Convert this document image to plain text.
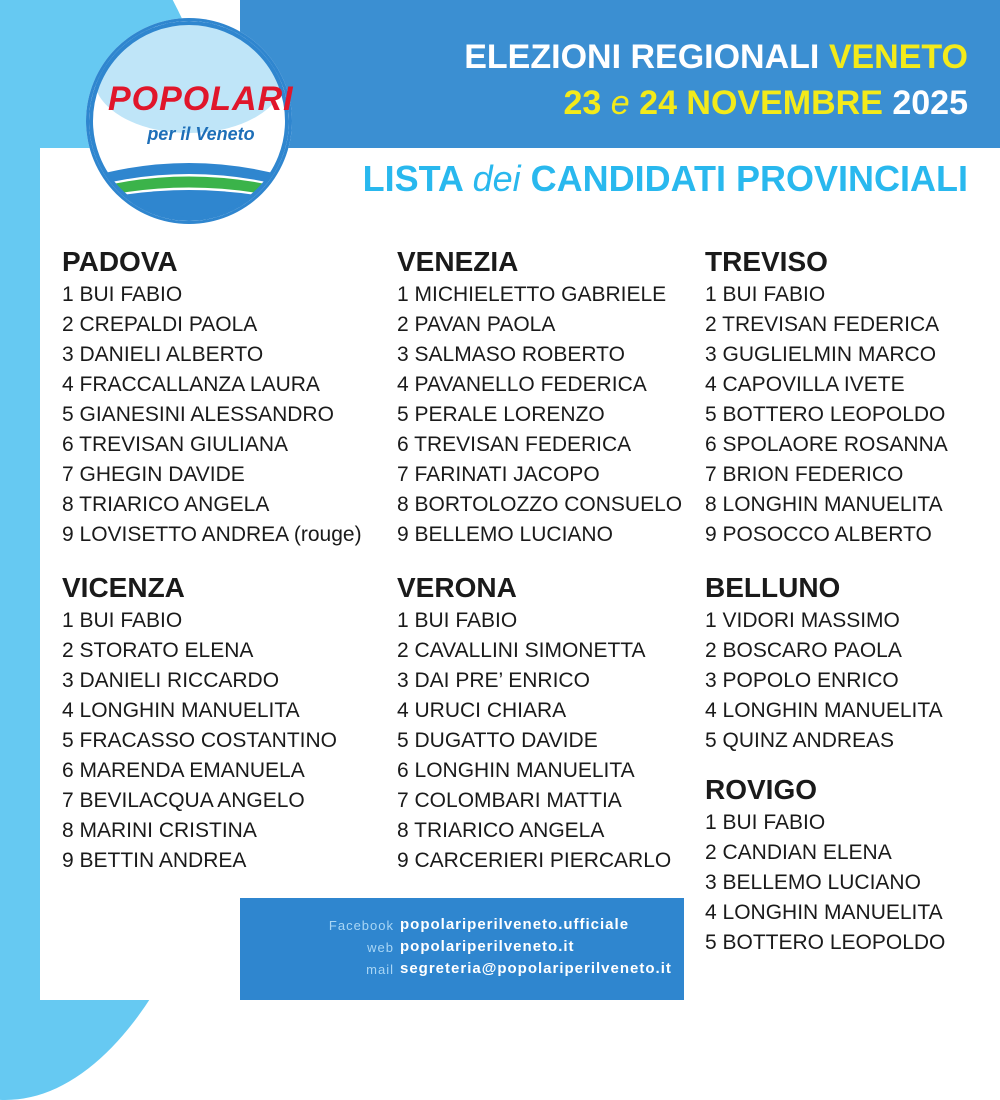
POPOLARI
per il Veneto
ELEZIONI REGIONALI VENETO
23 e 24 NOVEMBRE 2025
LISTA dei CANDIDATI PROVINCIALI
PADOVA
1 BUI FABIO
2 CREPALDI PAOLA
3 DANIELI ALBERTO
4 FRACCALLANZA LAURA
5 GIANESINI ALESSANDRO
6 TREVISAN GIULIANA
7 GHEGIN DAVIDE
8 TRIARICO ANGELA
9 LOVISETTO ANDREA (rouge)
VENEZIA
1 MICHIELETTO GABRIELE
2 PAVAN PAOLA
3 SALMASO ROBERTO
4 PAVANELLO FEDERICA
5 PERALE LORENZO
6 TREVISAN FEDERICA
7 FARINATI JACOPO
8 BORTOLOZZO CONSUELO
9 BELLEMO LUCIANO
TREVISO
1 BUI FABIO
2 TREVISAN FEDERICA
3 GUGLIELMIN MARCO
4 CAPOVILLA IVETE
5 BOTTERO LEOPOLDO
6 SPOLAORE ROSANNA
7 BRION FEDERICO
8 LONGHIN MANUELITA
9 POSOCCO ALBERTO
VICENZA
1 BUI FABIO
2 STORATO ELENA
3 DANIELI RICCARDO
4 LONGHIN MANUELITA
5 FRACASSO COSTANTINO
6 MARENDA EMANUELA
7 BEVILACQUA ANGELO
8 MARINI CRISTINA
9 BETTIN ANDREA
VERONA
1 BUI FABIO
2 CAVALLINI SIMONETTA
3 DAI PRE’ ENRICO
4 URUCI CHIARA
5 DUGATTO DAVIDE
6 LONGHIN MANUELITA
7 COLOMBARI MATTIA
8 TRIARICO ANGELA
9 CARCERIERI PIERCARLO
BELLUNO
1 VIDORI MASSIMO
2 BOSCARO PAOLA
3 POPOLO ENRICO
4 LONGHIN MANUELITA
5 QUINZ ANDREAS
ROVIGO
1 BUI FABIO
2 CANDIAN ELENA
3 BELLEMO LUCIANO
4 LONGHIN MANUELITA
5 BOTTERO LEOPOLDO
Facebook popolariperilveneto.ufficiale
web popolariperilveneto.it
mail segreteria@popolariperilveneto.it
